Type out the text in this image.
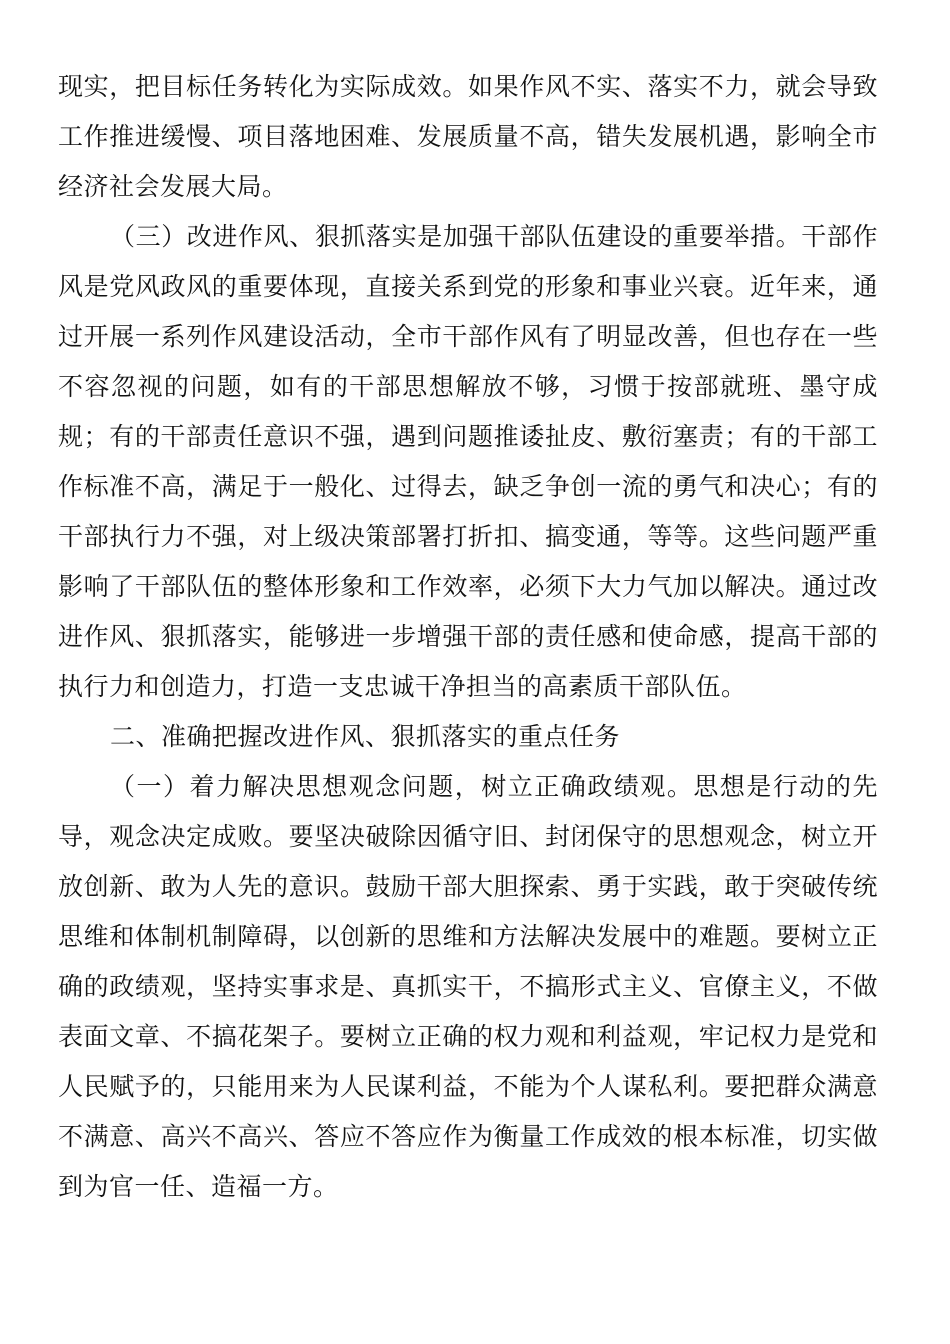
现实，把目标任务转化为实际成效。如果作风不实、落实不力，就会导致工作推进缓慢、项目落地困难、发展质量不高，错失发展机遇，影响全市经济社会发展大局。

（三）改进作风、狠抓落实是加强干部队伍建设的重要举措。干部作风是党风政风的重要体现，直接关系到党的形象和事业兴衰。近年来，通过开展一系列作风建设活动，全市干部作风有了明显改善，但也存在一些不容忽视的问题，如有的干部思想解放不够，习惯于按部就班、墨守成规；有的干部责任意识不强，遇到问题推诿扯皮、敷衍塞责；有的干部工作标准不高，满足于一般化、过得去，缺乏争创一流的勇气和决心；有的干部执行力不强，对上级决策部署打折扣、搞变通，等等。这些问题严重影响了干部队伍的整体形象和工作效率，必须下大力气加以解决。通过改进作风、狠抓落实，能够进一步增强干部的责任感和使命感，提高干部的执行力和创造力，打造一支忠诚干净担当的高素质干部队伍。

二、准确把握改进作风、狠抓落实的重点任务

（一）着力解决思想观念问题，树立正确政绩观。思想是行动的先导，观念决定成败。要坚决破除因循守旧、封闭保守的思想观念，树立开放创新、敢为人先的意识。鼓励干部大胆探索、勇于实践，敢于突破传统思维和体制机制障碍，以创新的思维和方法解决发展中的难题。要树立正确的政绩观，坚持实事求是、真抓实干，不搞形式主义、官僚主义，不做表面文章、不搞花架子。要树立正确的权力观和利益观，牢记权力是党和人民赋予的，只能用来为人民谋利益，不能为个人谋私利。要把群众满意不满意、高兴不高兴、答应不答应作为衡量工作成效的根本标准，切实做到为官一任、造福一方。
